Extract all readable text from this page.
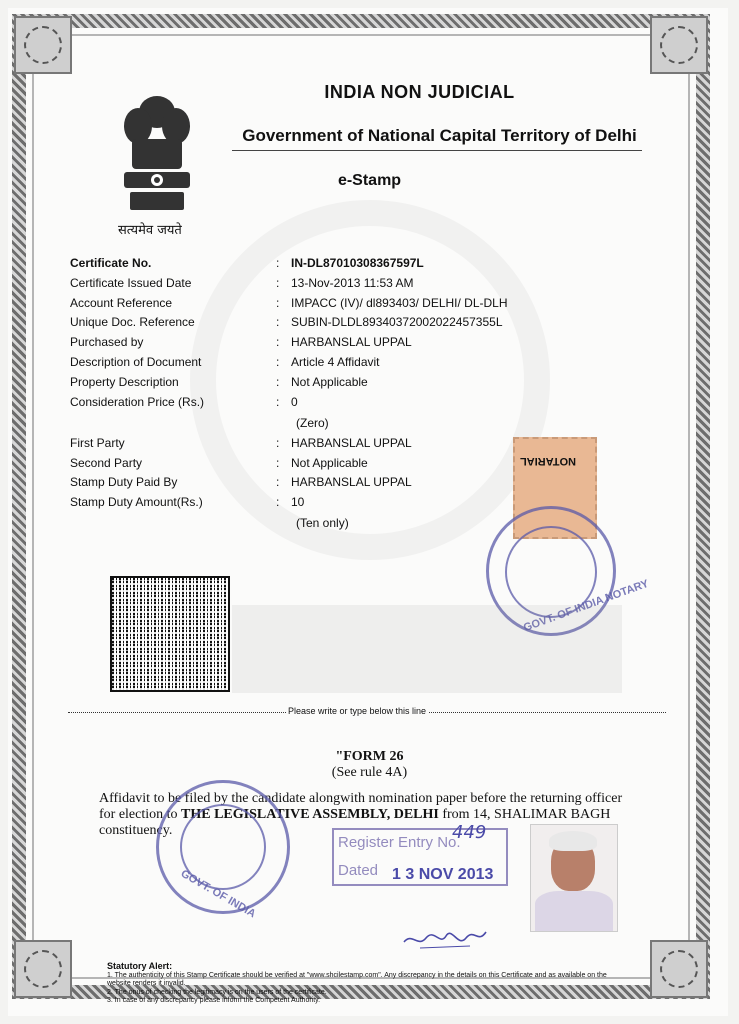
सत्यमेव जयते
INDIA NON JUDICIAL
Government of National Capital Territory of Delhi
e-Stamp
Certificate No.	: IN-DL87010308367597L
Certificate Issued Date	: 13-Nov-2013 11:53 AM
Account Reference	: IMPACC (IV)/ dl893403/ DELHI/ DL-DLH
Unique Doc. Reference	: SUBIN-DLDL89340372002022457355L
Purchased by	: HARBANSLAL UPPAL
Description of Document	: Article 4 Affidavit
Property Description	: Not Applicable
Consideration Price (Rs.)	: 0
(Zero)
First Party	: HARBANSLAL UPPAL
Second Party	: Not Applicable
Stamp Duty Paid By	: HARBANSLAL UPPAL
Stamp Duty Amount(Rs.)	: 10
(Ten only)
NOTARIAL
GOVT. OF INDIA NOTARY
Please write or type below this line
"FORM 26
(See rule 4A)
Affidavit to be filed by the candidate alongwith nomination paper before the returning officer for election to THE LEGISLATIVE ASSEMBLY, DELHI from 14, SHALIMAR BAGH constituency.
GOVT. OF INDIA
Register Entry No.
449
Dated 1 3 NOV 2013
Statutory Alert:
1. The authenticity of this Stamp Certificate should be verified at "www.shcilestamp.com". Any discrepancy in the details on this Certificate and as available on the website renders it invalid.
2. The onus of checking the legitimacy is on the users of the certificate.
3. In case of any discrepancy please inform the Competent Authority.
